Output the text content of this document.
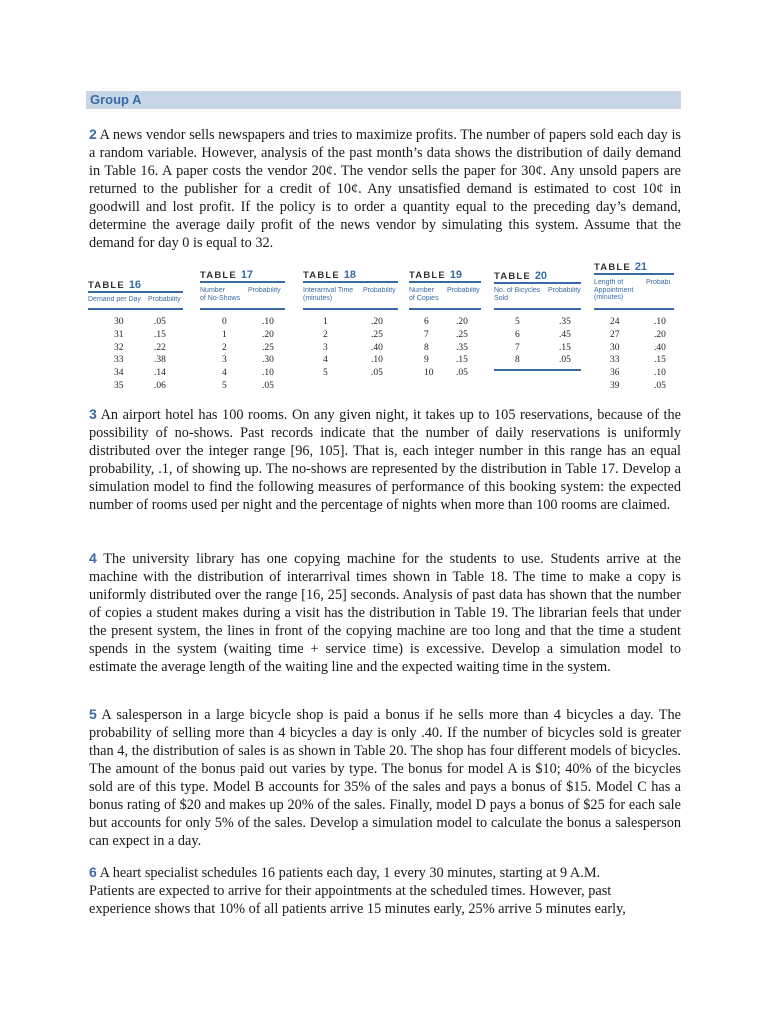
Group A
2 A news vendor sells newspapers and tries to maximize profits. The number of papers sold each day is a random variable. However, analysis of the past month’s data shows the distribution of daily demand in Table 16. A paper costs the vendor 20¢. The vendor sells the paper for 30¢. Any unsold papers are returned to the publisher for a credit of 10¢. Any unsatisfied demand is estimated to cost 10¢ in goodwill and lost profit. If the policy is to order a quantity equal to the preceding day’s demand, determine the average daily profit of the news vendor by simulating this system. Assume that the demand for day 0 is equal to 32.
TABLE 16
Demand per Day	Probability
30	.05
31	.15
32	.22
33	.38
34	.14
35	.06
TABLE 17
Number
of No-Shows
Probability
0	.10
1	.20
2	.25
3	.30
4	.10
5	.05
TABLE 18
Interarrival Time
(minutes)
Probability
1	.20
2	.25
3	.40
4	.10
5	.05
TABLE 19
Number
of Copies
Probability
6	.20
7	.25
8	.35
9	.15
10 .05
TABLE 20
No. of Bicycles
Sold
Probability
5	.35
6	.45
7	.15
8	.05
TABLE 21
Length of
Appointment
(minutes)
Probabi
24	.10
27	.20
30	.40
33	.15
36	.10
39	.05
3 An airport hotel has 100 rooms. On any given night, it takes up to 105 reservations, because of the possibility of no-shows. Past records indicate that the number of daily reservations is uniformly distributed over the integer range [96, 105]. That is, each integer number in this range has an equal probability, .1, of showing up. The no-shows are represented by the distribution in Table 17. Develop a simulation model to find the following measures of performance of this booking system: the expected number of rooms used per night and the percentage of nights when more than 100 rooms are claimed.
4 The university library has one copying machine for the students to use. Students arrive at the machine with the distribution of interarrival times shown in Table 18. The time to make a copy is uniformly distributed over the range [16, 25] seconds. Analysis of past data has shown that the number of copies a student makes during a visit has the distribution in Table 19. The librarian feels that under the present system, the lines in front of the copying machine are too long and that the time a student spends in the system (waiting time + service time) is excessive. Develop a simulation model to estimate the average length of the waiting line and the expected waiting time in the system.
5 A salesperson in a large bicycle shop is paid a bonus if he sells more than 4 bicycles a day. The probability of selling more than 4 bicycles a day is only .40. If the number of bicycles sold is greater than 4, the distribution of sales is as shown in Table 20. The shop has four different models of bicycles. The amount of the bonus paid out varies by type. The bonus for model A is $10; 40% of the bicycles sold are of this type. Model B accounts for 35% of the sales and pays a bonus of $15. Model C has a bonus rating of $20 and makes up 20% of the sales. Finally, model D pays a bonus of $25 for each sale but accounts for only 5% of the sales. Develop a simulation model to calculate the bonus a salesperson can expect in a day.
6 A heart specialist schedules 16 patients each day, 1 every 30 minutes, starting at 9 A.M.
Patients are expected to arrive for their appointments at the scheduled times. However, past
experience shows that 10% of all patients arrive 15 minutes early, 25% arrive 5 minutes early,
